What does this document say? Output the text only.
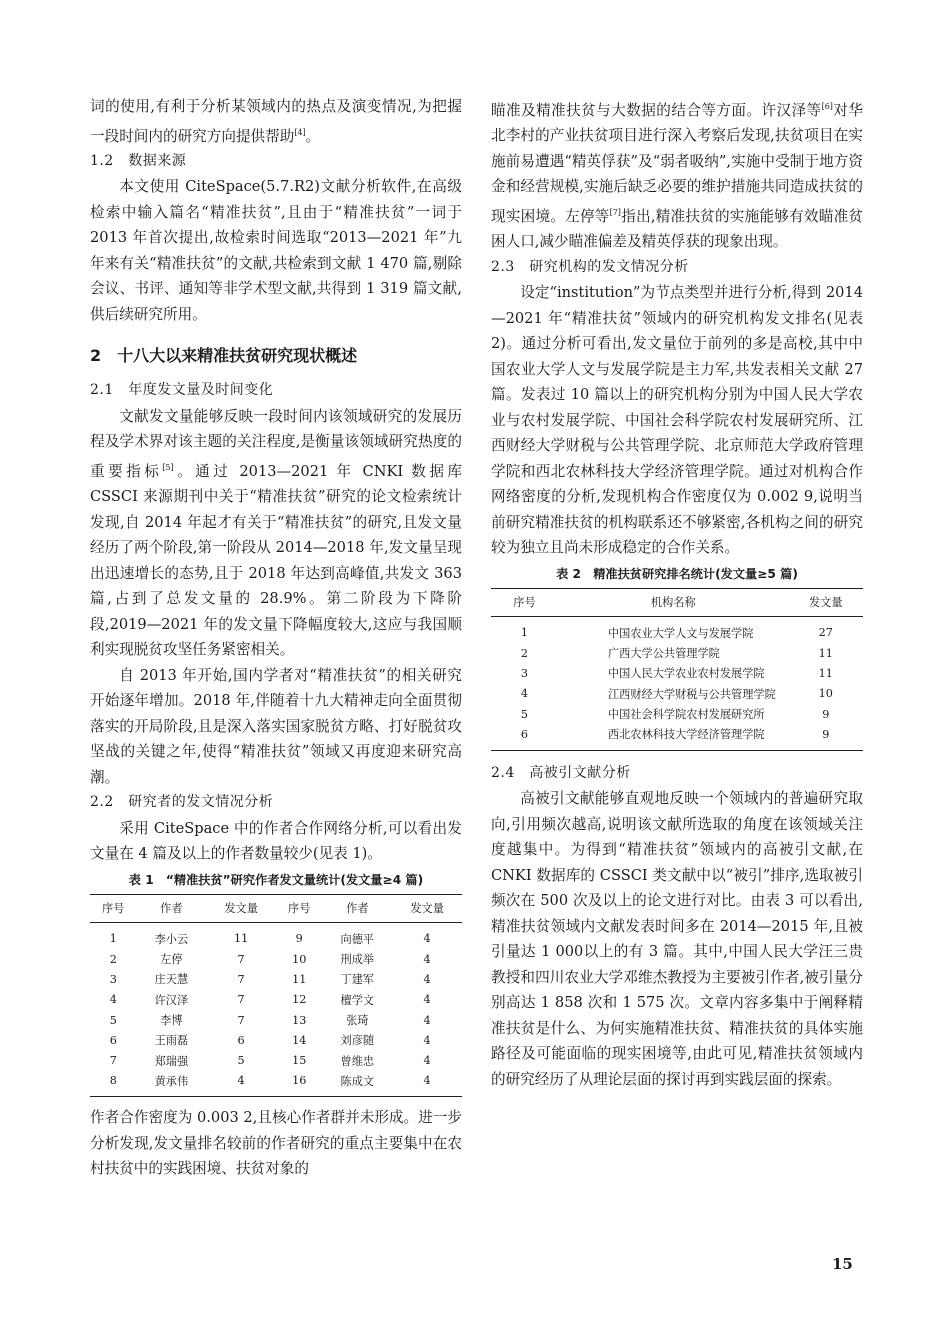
词的使用,有利于分析某领域内的热点及演变情况,为把握一段时间内的研究方向提供帮助[4]。

1.2　数据来源

本文使用 CiteSpace(5.7.R2)文献分析软件,在高级检索中输入篇名“精准扶贫”,且由于“精准扶贫”一词于 2013 年首次提出,故检索时间选取“2013—2021 年”九年来有关“精准扶贫”的文献,共检索到文献 1 470 篇,剔除会议、书评、通知等非学术型文献,共得到 1 319 篇文献,供后续研究所用。

2　十八大以来精准扶贫研究现状概述
2.1　年度发文量及时间变化

文献发文量能够反映一段时间内该领域研究的发展历程及学术界对该主题的关注程度,是衡量该领域研究热度的重要指标[5]。通过 2013—2021 年 CNKI 数据库 CSSCI 来源期刊中关于“精准扶贫”研究的论文检索统计发现,自 2014 年起才有关于“精准扶贫”的研究,且发文量经历了两个阶段,第一阶段从 2014—2018 年,发文量呈现出迅速增长的态势,且于 2018 年达到高峰值,共发文 363 篇,占到了总发文量的 28.9%。第二阶段为下降阶段,2019—2021 年的发文量下降幅度较大,这应与我国顺利实现脱贫攻坚任务紧密相关。

自 2013 年开始,国内学者对“精准扶贫”的相关研究开始逐年增加。2018 年,伴随着十九大精神走向全面贯彻落实的开局阶段,且是深入落实国家脱贫方略、打好脱贫攻坚战的关键之年,使得“精准扶贫”领域又再度迎来研究高潮。

2.2　研究者的发文情况分析

采用 CiteSpace 中的作者合作网络分析,可以看出发文量在 4 篇及以上的作者数量较少(见表 1)。

表 1　“精准扶贫”研究作者发文量统计(发文量≥4 篇)
序号	作者	发文量	序号	作者	发文量
1	李小云	11	9	向德平	4
2	左停	7	10	刑成举	4
3	庄天慧	7	11	丁建军	4
4	许汉泽	7	12	檀学文	4
5	李博	7	13	张琦	4
6	王雨磊	6	14	刘彦随	4
7	郑瑞强	5	15	曾维忠	4
8	黄承伟	4	16	陈成文	4

作者合作密度为 0.003 2,且核心作者群并未形成。进一步分析发现,发文量排名较前的作者研究的重点主要集中在农村扶贫中的实践困境、扶贫对象的

瞄准及精准扶贫与大数据的结合等方面。许汉泽等[6]对华北李村的产业扶贫项目进行深入考察后发现,扶贫项目在实施前易遭遇“精英俘获”及“弱者吸纳”,实施中受制于地方资金和经营规模,实施后缺乏必要的维护措施共同造成扶贫的现实困境。左停等[7]指出,精准扶贫的实施能够有效瞄准贫困人口,减少瞄准偏差及精英俘获的现象出现。

2.3　研究机构的发文情况分析

设定“institution”为节点类型并进行分析,得到 2014—2021 年“精准扶贫”领域内的研究机构发文排名(见表 2)。通过分析可看出,发文量位于前列的多是高校,其中中国农业大学人文与发展学院是主力军,共发表相关文献 27 篇。发表过 10 篇以上的研究机构分别为中国人民大学农业与农村发展学院、中国社会科学院农村发展研究所、江西财经大学财税与公共管理学院、北京师范大学政府管理学院和西北农林科技大学经济管理学院。通过对机构合作网络密度的分析,发现机构合作密度仅为 0.002 9,说明当前研究精准扶贫的机构联系还不够紧密,各机构之间的研究较为独立且尚未形成稳定的合作关系。

表 2　精准扶贫研究排名统计(发文量≥5 篇)
序号	机构名称	发文量
1	中国农业大学人文与发展学院	27
2	广西大学公共管理学院	11
3	中国人民大学农业农村发展学院	11
4	江西财经大学财税与公共管理学院	10
5	中国社会科学院农村发展研究所	9
6	西北农林科技大学经济管理学院	9
2.4　高被引文献分析

高被引文献能够直观地反映一个领域内的普遍研究取向,引用频次越高,说明该文献所选取的角度在该领域关注度越集中。为得到“精准扶贫”领域内的高被引文献,在 CNKI 数据库的 CSSCI 类文献中以“被引”排序,选取被引频次在 500 次及以上的论文进行对比。由表 3 可以看出,精准扶贫领域内文献发表时间多在 2014—2015 年,且被引量达 1 000以上的有 3 篇。其中,中国人民大学汪三贵教授和四川农业大学邓维杰教授为主要被引作者,被引量分别高达 1 858 次和 1 575 次。文章内容多集中于阐释精准扶贫是什么、为何实施精准扶贫、精准扶贫的具体实施路径及可能面临的现实困境等,由此可见,精准扶贫领域内的研究经历了从理论层面的探讨再到实践层面的探索。

15
